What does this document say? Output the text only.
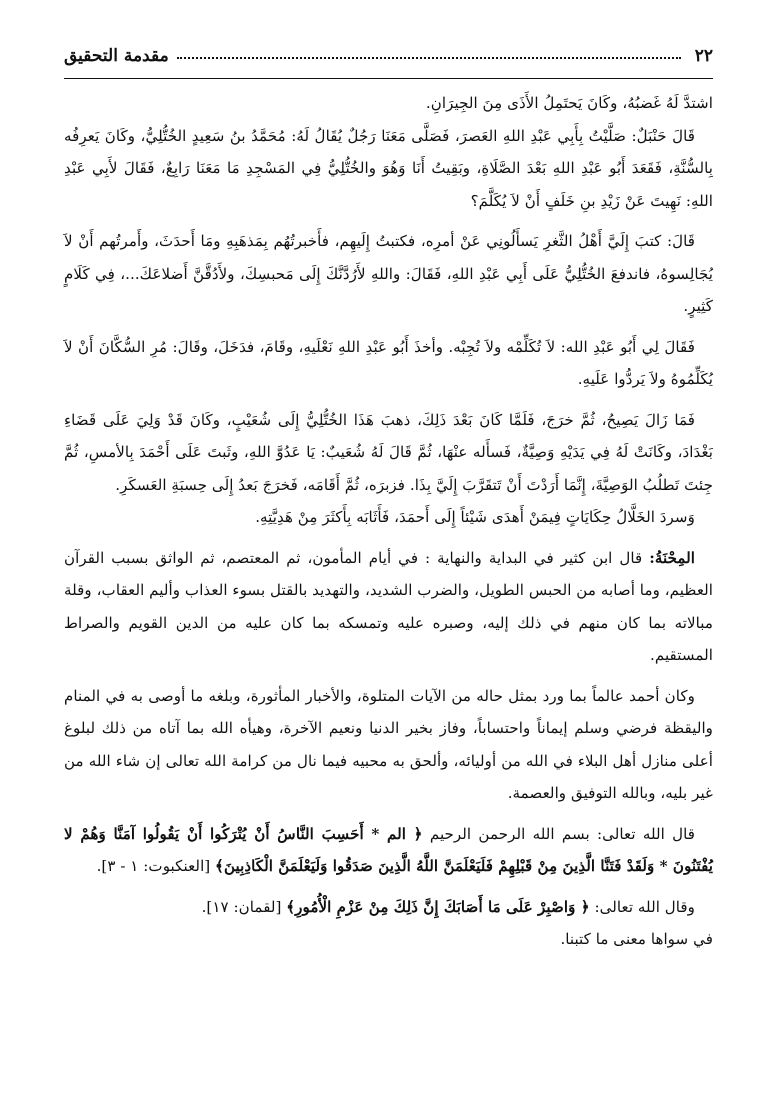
٢٢
مقدمة التحقيق

اشتدَّ لَهُ غَضبُهُ، وكَانَ يَحتَمِلُ الأَذَى مِنَ الجِيرَانِ.

قَالَ حَنْبَلٌ: صَلَّيْتُ بِأَبِي عَبْدِ اللهِ العَصرَ، فَصَلَّى مَعَنَا رَجُلٌ يُقَالُ لَهُ: مُحَمَّدُ بنُ سَعِيدٍ الخُتُّلِيُّ، وكَانَ يَعرِفُه بِالسُّنَّةِ، فَقَعَدَ أَبُو عَبْدِ اللهِ بَعْدَ الصَّلَاةِ، وبَقِيتُ أَنَا وَهُوَ والخُتُّلِيُّ فِي المَسْجِدِ مَا مَعَنَا رَابِعٌ، فَقَالَ لأَبِي عَبْدِ اللهِ: نَهِيتَ عَنْ زَيْدِ بنِ خَلَفٍ أَنْ لاَ يُكَلَّمَ؟

قَالَ: كتبَ إِلَيَّ أَهْلُ الثَّغرِ يَسأَلُونِي عَنْ أمرِه، فكتبتُ إِلَيهِم، فأَخبرتُهُم بِمَذهَبِهِ ومَا أَحدَثَ، وأَمرتُهم أَنْ لاَ يُجَالِسوهُ، فاندفعَ الخُتُّلِيُّ عَلَى أَبِي عَبْدِ اللهِ، فَقَالَ: واللهِ لأَرُدَّنَّكَ إِلَى مَحبسِكَ، ولأَدُقَّنَّ أَضلاعَكَ...، فِي كَلَامٍ كَثِيرٍ.

فَقَالَ لِي أَبُو عَبْدِ الله: لاَ تُكَلِّمْه ولاَ تُجِبْه. وأخذَ أَبُو عَبْدِ اللهِ نَعْلَيهِ، وقَامَ، فدَخَلَ، وقَالَ: مُرِ السُّكَّانَ أَنْ لاَ يُكَلِّمُوهُ ولاَ يَردُّوا عَلَيهِ.

فَمَا زَالَ يَصِيحُ، ثُمَّ خرَجَ، فَلَمَّا كَانَ بَعْدَ ذَلِكَ، ذهبَ هَذَا الخُتُّلِيُّ إِلَى شُعَيْبٍ، وكَانَ قَدْ وَلِيَ عَلَى قَضَاءِ بَغْدَادَ، وكَانَتْ لَهُ فِي يَدَيْهِ وَصِيَّةٌ، فَسأَله عنْهَا، ثُمَّ قَالَ لَهُ شُعَيبٌ: يَا عَدُوَّ اللهِ، وثَبتَ عَلَى أَحْمَدَ بِالأمسِ، ثُمَّ جِئتَ تَطلُبُ الوَصِيَّةَ، إِنَّمَا أَرَدْتَ أَنْ تَتقَرَّبَ إِلَيَّ بِذَا. فزبرَه، ثُمَّ أَقَامَه، فَخرَجَ بَعدُ إِلَى حِسبَةِ العَسكَرِ.

وَسردَ الخَلَّالُ حِكَايَاتٍ فِيمَنْ أَهدَى شَيْئاً إِلَى أَحمَدَ، فَأَثَابَه بِأَكثَرَ مِنْ هَدِيَّتِهِ.

المِحْنَةُ: قال ابن كثير في البداية والنهاية : في أيام المأمون، ثم المعتصم، ثم الواثق بسبب القرآن العظيم، وما أصابه من الحبس الطويل، والضرب الشديد، والتهديد بالقتل بسوء العذاب وأليم العقاب، وقلة مبالاته بما كان منهم في ذلك إليه، وصبره عليه وتمسكه بما كان عليه من الدين القويم والصراط المستقيم.

وكان أحمد عالماً بما ورد بمثل حاله من الآيات المتلوة، والأخبار المأثورة، وبلغه ما أوصى به في المنام واليقظة فرضي وسلم إيماناً واحتساباً، وفاز بخير الدنيا ونعيم الآخرة، وهيأه الله بما آتاه من ذلك لبلوغ أعلى منازل أهل البلاء في الله من أوليائه، وألحق به محبيه فيما نال من كرامة الله تعالى إن شاء الله من غير بليه، وبالله التوفيق والعصمة.

قال الله تعالى: بسم الله الرحمن الرحيم ﴿ الم * أَحَسِبَ النَّاسُ أَنْ يُتْرَكُوا أَنْ يَقُولُوا آمَنَّا وَهُمْ لا يُفْتَنُونَ * وَلَقَدْ فَتَنَّا الَّذِينَ مِنْ قَبْلِهِمْ فَلَيَعْلَمَنَّ اللَّهُ الَّذِينَ صَدَقُوا وَلَيَعْلَمَنَّ الْكَاذِبِينَ﴾ [العنكبوت: ١ - ٣].

وقال الله تعالى: ﴿ وَاصْبِرْ عَلَى مَا أَصَابَكَ إِنَّ ذَلِكَ مِنْ عَزْمِ الْأُمُورِ﴾ [لقمان: ١٧].

في سواها معنى ما كتبنا.
